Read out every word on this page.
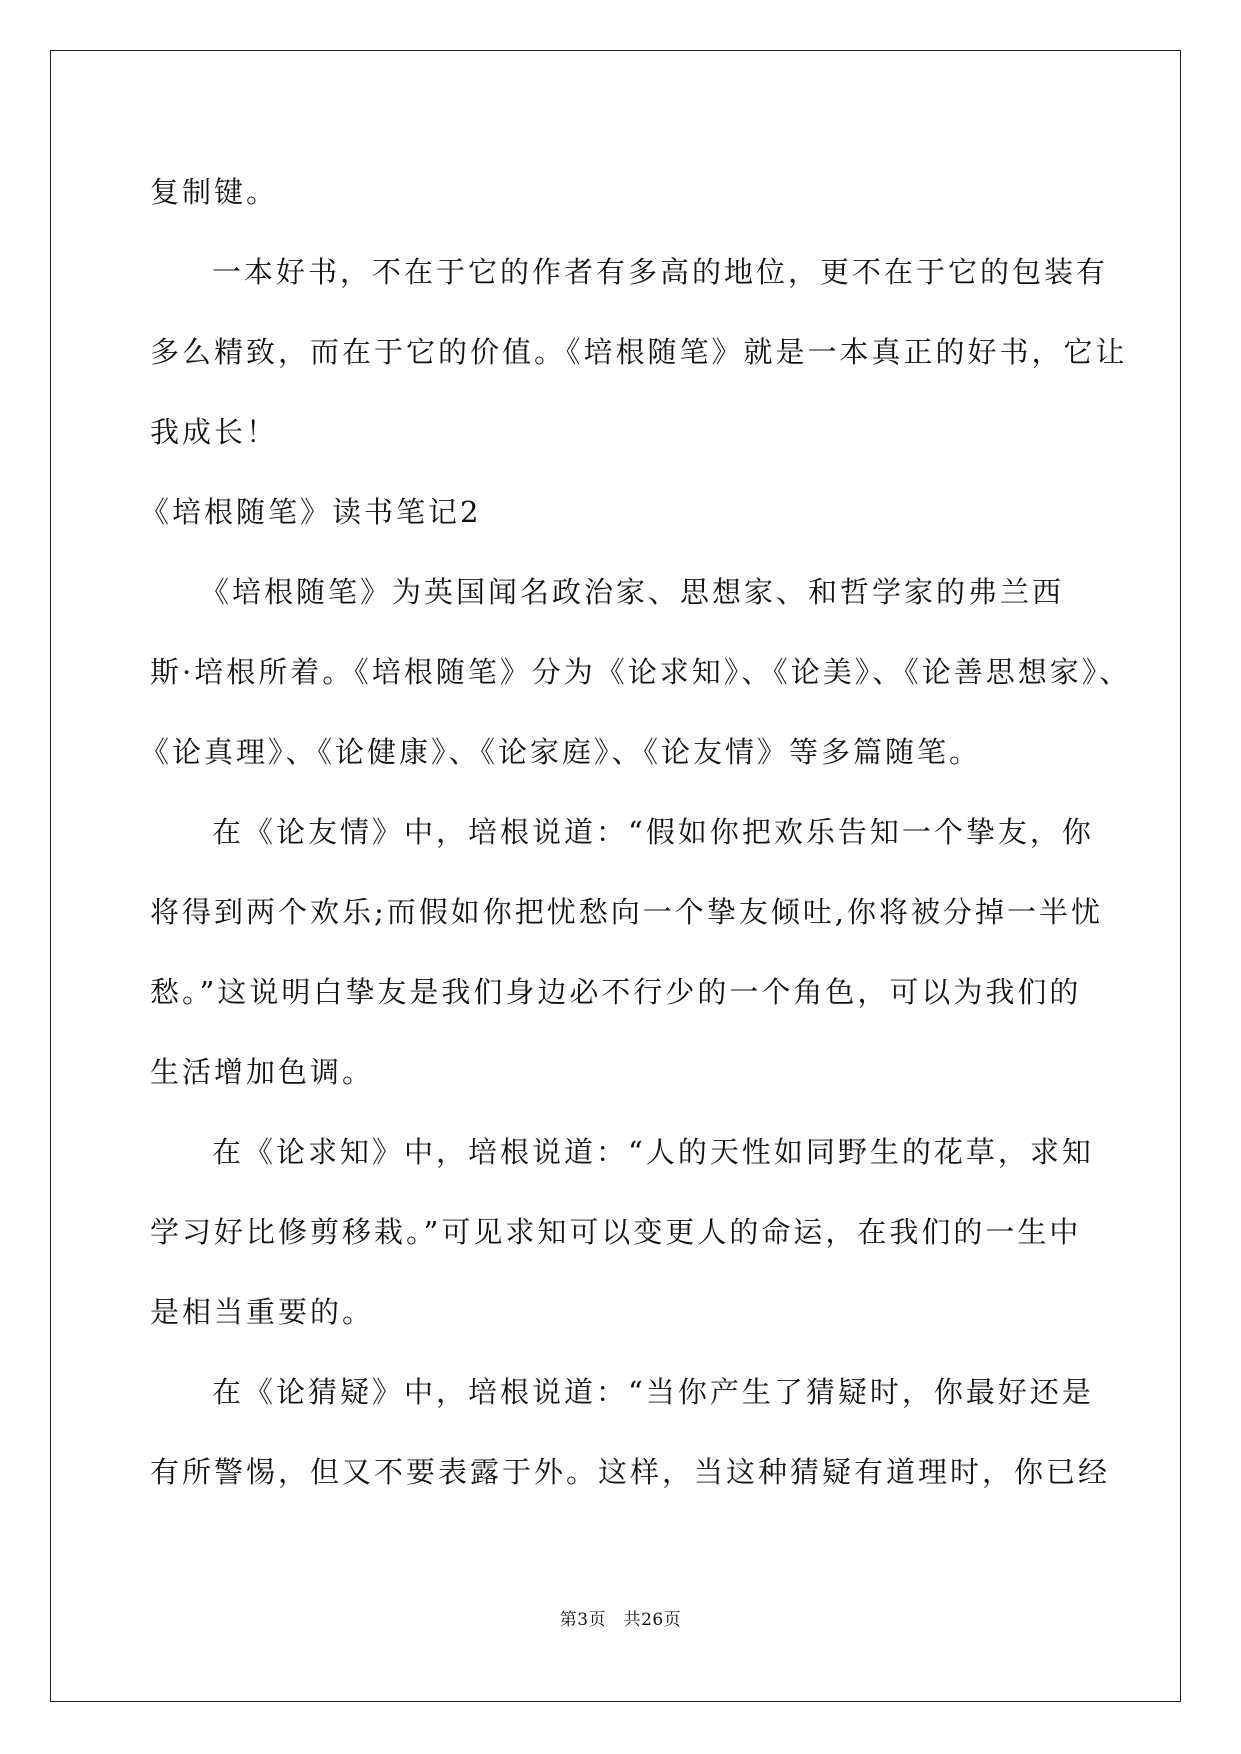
复制键。
一本好书，不在于它的作者有多高的地位，更不在于它的包装有
多么精致，而在于它的价值。《培根随笔》就是一本真正的好书，它让
我成长！
《培根随笔》读书笔记2
《培根随笔》为英国闻名政治家、思想家、和哲学家的弗兰西
斯·培根所着。《培根随笔》分为《论求知》、《论美》、《论善思想家》、
《论真理》、《论健康》、《论家庭》、《论友情》等多篇随笔。
在《论友情》中，培根说道：“假如你把欢乐告知一个挚友，你
将得到两个欢乐;而假如你把忧愁向一个挚友倾吐,你将被分掉一半忧
愁。”这说明白挚友是我们身边必不行少的一个角色，可以为我们的
生活增加色调。
在《论求知》中，培根说道：“人的天性如同野生的花草，求知
学习好比修剪移栽。”可见求知可以变更人的命运，在我们的一生中
是相当重要的。
在《论猜疑》中，培根说道：“当你产生了猜疑时，你最好还是
有所警惕，但又不要表露于外。这样，当这种猜疑有道理时，你已经
第3页　共26页
